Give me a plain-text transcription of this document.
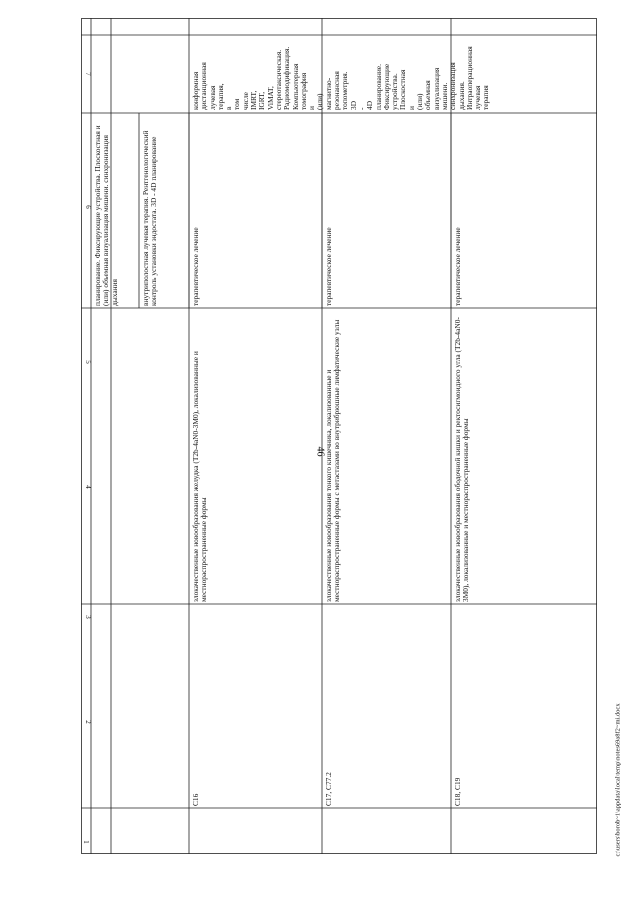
46
c:\users\borob~1\appdata\local\temp\notes69a8f2~mi.docx
1
2
3
4
5
6
7
планирование. Фиксирующие устройства. Плоскостная и (или) объемная визуализация мишени. синхронизация дыхания	внутриполостная лучевая терапия. Рентгенологический контроль установки эндостата. 3D - 4D планирование
C16
злокачественные новообразования желудка (T2b-4aN0-3M0), локализованные и местнораспространенные формы
терапевтическое лечение
конформная дистанционная лучевая терапия, в том числе IMRT, IGRT, ViMAT, стереотаксическая. Радиомодификация. Компьютерная томография и (или) магнитно-резонансная топометрия. 3D - 4D планирование. Фиксирующие устройства. Плоскостная и (или) объемная визуализация мишени. синхронизация дыхания. Интраоперационная лучевая терапия
C17, C77.2
злокачественные новообразования тонкого кишечника, локализованные и местнораспространенные формы с метастазами во внутрибрюшные лимфатические узлы
терапевтическое лечение
C18, C19
злокачественные новообразования ободочной кишки и ректосигмоидного угла (T2b-4aN0-3M0), локализованные и местнораспространенные формы
терапевтическое лечение
